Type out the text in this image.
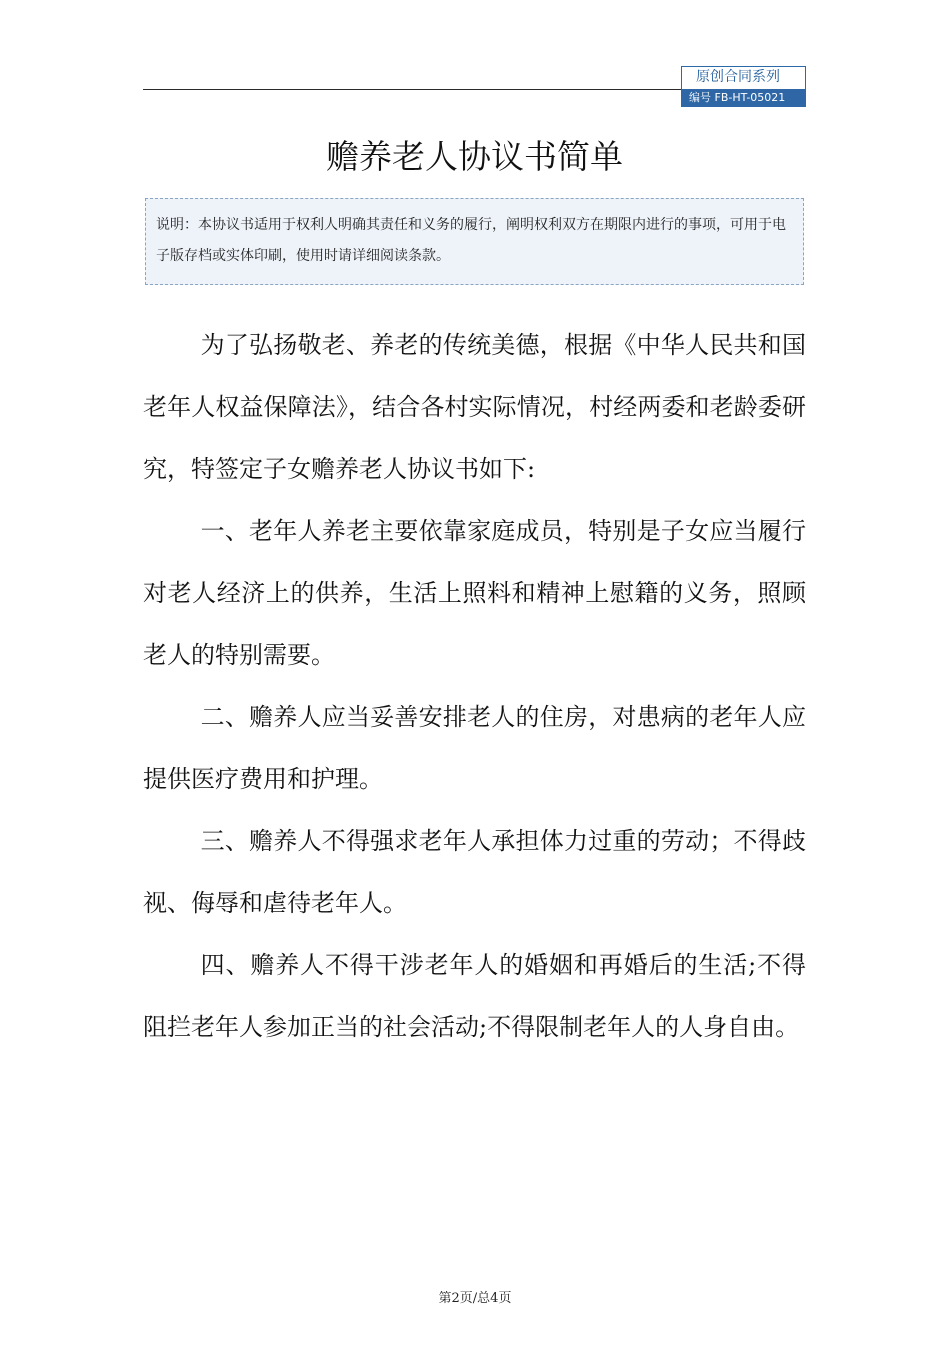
原创合同系列
编号 FB-HT-05021
赡养老人协议书简单
说明：本协议书适用于权利人明确其责任和义务的履行，阐明权利双方在期限内进行的事项，可用于电子版存档或实体印刷，使用时请详细阅读条款。

为了弘扬敬老、养老的传统美德，根据《中华人民共和国老年人权益保障法》，结合各村实际情况，村经两委和老龄委研究，特签定子女赡养老人协议书如下:

一、老年人养老主要依靠家庭成员，特别是子女应当履行对老人经济上的供养，生活上照料和精神上慰籍的义务，照顾老人的特别需要。

二、赡养人应当妥善安排老人的住房，对患病的老年人应提供医疗费用和护理。

三、赡养人不得强求老年人承担体力过重的劳动；不得歧视、侮辱和虐待老年人。

四、赡养人不得干涉老年人的婚姻和再婚后的生活;不得阻拦老年人参加正当的社会活动;不得限制老年人的人身自由。

第2页/总4页
